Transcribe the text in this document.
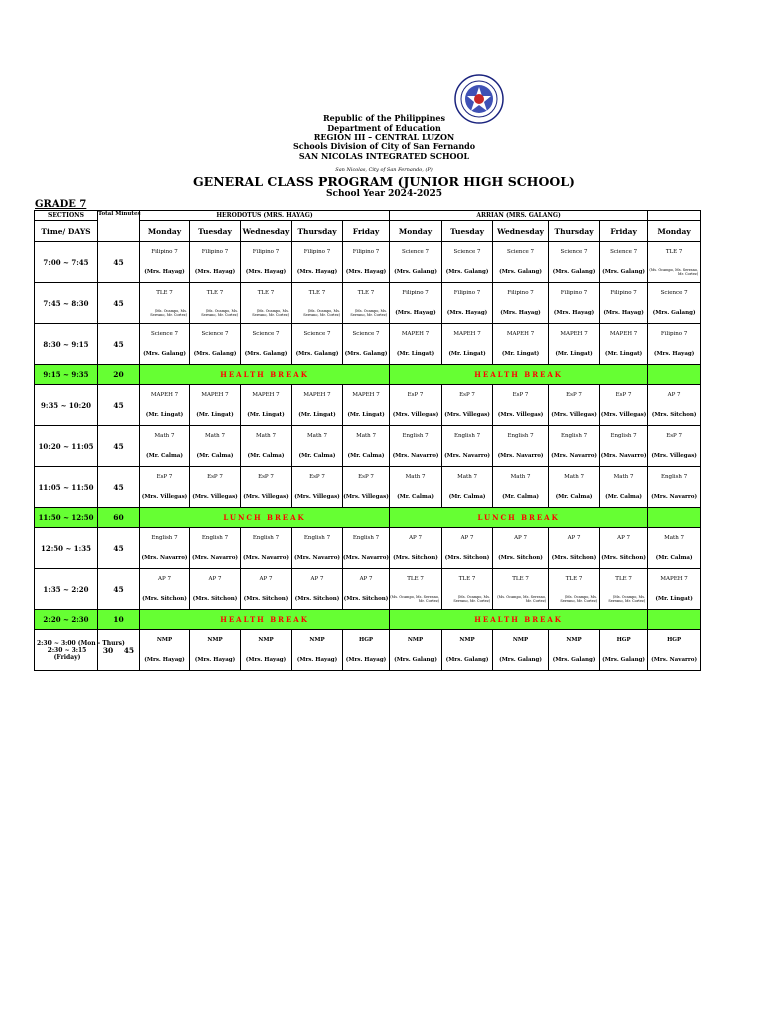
Republic of the Philippines
Department of Education
REGION III – CENTRAL LUZON
Schools Division of City of San Fernando
SAN NICOLAS INTEGRATED SCHOOL
San Nicolas, City of San Fernando, (P)
GENERAL CLASS PROGRAM (JUNIOR HIGH SCHOOL)
School Year 2024-2025
GRADE 7
SECTIONS	Total Minutes	HERODOTUS (MRS. HAYAG)					ARRIAN (MRS. GALANG)					
Time/ DAYS		Monday	Tuesday	Wednesday	Thursday	Friday	Monday	Tuesday	Wednesday	Thursday	Friday	Monday
7:00 ~ 7:45	45	Filipino 7	Filipino 7	Filipino 7	Filipino 7	Filipino 7	Science 7	Science 7	Science 7	Science 7	Science 7	TLE 7
		(Mrs. Hayag)	(Mrs. Hayag)	(Mrs. Hayag)	(Mrs. Hayag)	(Mrs. Hayag)	(Mrs. Galang)	(Mrs. Galang)	(Mrs. Galang)	(Mrs. Galang)	(Mrs. Galang)	(Ms. Ocampo, Ms. Serrano, Mr. Cortez)
7:45 ~ 8:30	45	TLE 7	TLE 7	TLE 7	TLE 7	TLE 7	Filipino 7	Filipino 7	Filipino 7	Filipino 7	Filipino 7	Science 7
		(Ms. Ocampo, Ms. Serrano, Mr. Cortez)	(Ms. Ocampo, Ms. Serrano, Mr. Cortez)	(Ms. Ocampo, Ms. Serrano, Mr. Cortez)	(Ms. Ocampo, Ms. Serrano, Mr. Cortez)	(Ms. Ocampo, Ms. Serrano, Mr. Cortez)	(Mrs. Hayag)	(Mrs. Hayag)	(Mrs. Hayag)	(Mrs. Hayag)	(Mrs. Hayag)	(Mrs. Galang)
8:30 ~ 9:15	45	Science 7	Science 7	Science 7	Science 7	Science 7	MAPEH 7	MAPEH 7	MAPEH 7	MAPEH 7	MAPEH 7	Filipino 7
		(Mrs. Galang)	(Mrs. Galang)	(Mrs. Galang)	(Mrs. Galang)	(Mrs. Galang)	(Mr. Lingat)	(Mr. Lingat)	(Mr. Lingat)	(Mr. Lingat)	(Mr. Lingat)	(Mrs. Hayag)
9:15 ~ 9:35	20	HEALTH BREAK					HEALTH BREAK					
9:35 ~ 10:20	45	MAPEH 7	MAPEH 7	MAPEH 7	MAPEH 7	MAPEH 7	EsP 7	EsP 7	EsP 7	EsP 7	EsP 7	AP 7
		(Mr. Lingat)	(Mr. Lingat)	(Mr. Lingat)	(Mr. Lingat)	(Mr. Lingat)	(Mrs. Villegas)	(Mrs. Villegas)	(Mrs. Villegas)	(Mrs. Villegas)	(Mrs. Villegas)	(Mrs. Sitchon)
10:20 ~ 11:05	45	Math 7	Math 7	Math 7	Math 7	Math 7	English 7	English 7	English 7	English 7	English 7	EsP 7
		(Mr. Calma)	(Mr. Calma)	(Mr. Calma)	(Mr. Calma)	(Mr. Calma)	(Mrs. Navarro)	(Mrs. Navarro)	(Mrs. Navarro)	(Mrs. Navarro)	(Mrs. Navarro)	(Mrs. Villegas)
11:05 ~ 11:50	45	EsP 7	EsP 7	EsP 7	EsP 7	EsP 7	Math 7	Math 7	Math 7	Math 7	Math 7	English 7
		(Mrs. Villegas)	(Mrs. Villegas)	(Mrs. Villegas)	(Mrs. Villegas)	(Mrs. Villegas)	(Mr. Calma)	(Mr. Calma)	(Mr. Calma)	(Mr. Calma)	(Mr. Calma)	(Mrs. Navarro)
11:50 ~ 12:50	60	LUNCH BREAK					LUNCH BREAK					
12:50 ~ 1:35	45	English 7	English 7	English 7	English 7	English 7	AP 7	AP 7	AP 7	AP 7	AP 7	Math 7
		(Mrs. Navarro)	(Mrs. Navarro)	(Mrs. Navarro)	(Mrs. Navarro)	(Mrs. Navarro)	(Mrs. Sitchon)	(Mrs. Sitchon)	(Mrs. Sitchon)	(Mrs. Sitchon)	(Mrs. Sitchon)	(Mr. Calma)
1:35 ~ 2:20	45	AP 7	AP 7	AP 7	AP 7	AP 7	TLE 7	TLE 7	TLE 7	TLE 7	TLE 7	MAPEH 7
		(Mrs. Sitchon)	(Mrs. Sitchon)	(Mrs. Sitchon)	(Mrs. Sitchon)	(Mrs. Sitchon)	(Ms. Ocampo, Ms. Serrano, Mr. Cortez)	(Ms. Ocampo, Ms. Serrano, Mr. Cortez)	(Ms. Ocampo, Ms. Serrano, Mr. Cortez)	(Ms. Ocampo, Ms. Serrano, Mr. Cortez)	(Ms. Ocampo, Ms. Serrano, Mr. Cortez)	(Mr. Lingat)
2:20 ~ 2:30	10	HEALTH BREAK					HEALTH BREAK					

2:30 ~ 3:00 (Mon - Thurs)
2:30 ~ 3:15
(Friday)	30    45	NMP	NMP	NMP	NMP	HGP	NMP	NMP	NMP	NMP	HGP	HGP
		(Mrs. Hayag)	(Mrs. Hayag)	(Mrs. Hayag)	(Mrs. Hayag)	(Mrs. Hayag)	(Mrs. Galang)	(Mrs. Galang)	(Mrs. Galang)	(Mrs. Galang)	(Mrs. Galang)	(Mrs. Navarro)
